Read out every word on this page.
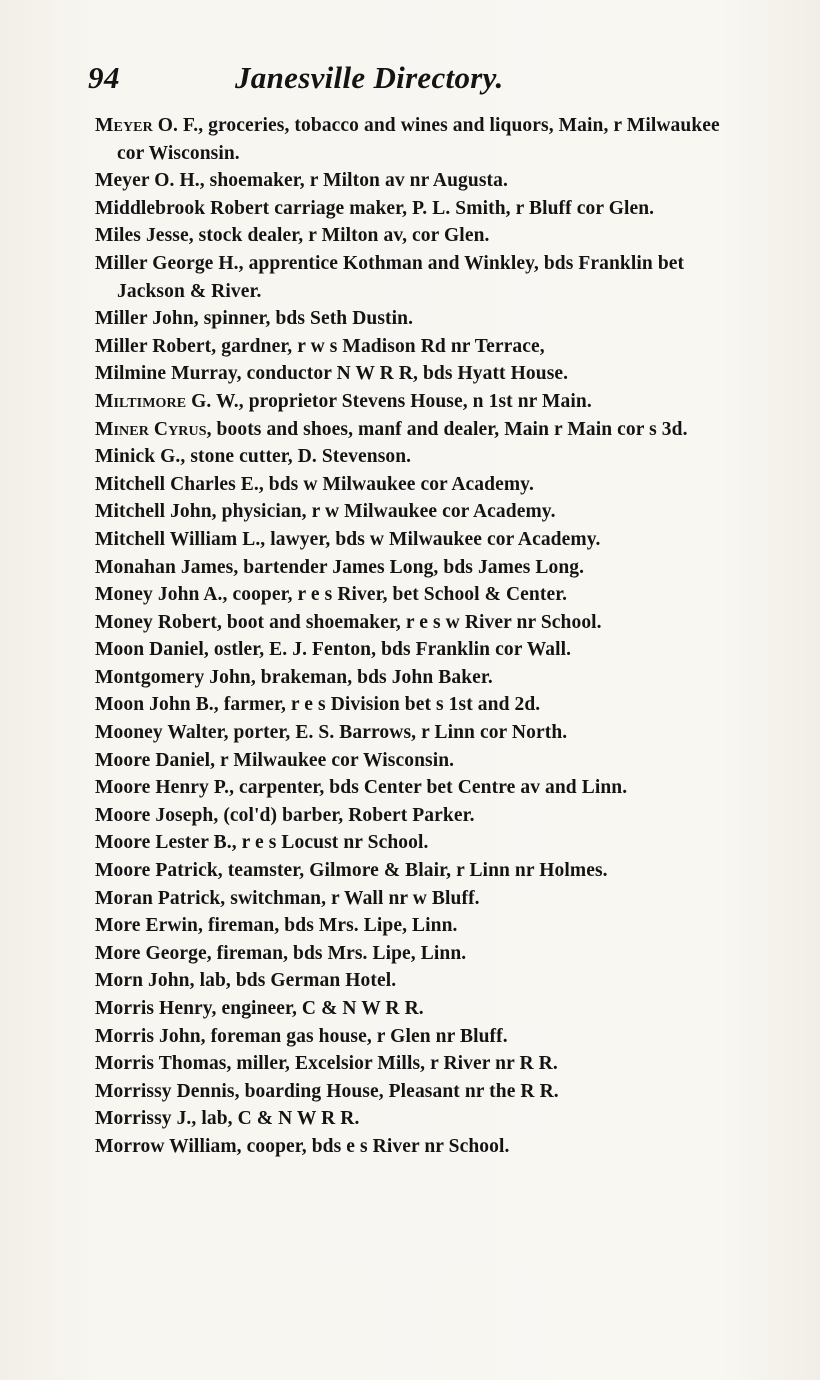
94	Janesville Directory.
Meyer O. F., groceries, tobacco and wines and liquors, Main, r Milwaukee cor Wisconsin.
Meyer O. H., shoemaker, r Milton av nr Augusta.
Middlebrook Robert carriage maker, P. L. Smith, r Bluff cor Glen.
Miles Jesse, stock dealer, r Milton av, cor Glen.
Miller George H., apprentice Kothman and Winkley, bds Franklin bet Jackson & River.
Miller John, spinner, bds Seth Dustin.
Miller Robert, gardner, r w s Madison Rd nr Terrace,
Milmine Murray, conductor N W R R, bds Hyatt House.
Miltimore G. W., proprietor Stevens House, n 1st nr Main.
Miner Cyrus, boots and shoes, manf and dealer, Main r Main cor s 3d.
Minick G., stone cutter, D. Stevenson.
Mitchell Charles E., bds w Milwaukee cor Academy.
Mitchell John, physician, r w Milwaukee cor Academy.
Mitchell William L., lawyer, bds w Milwaukee cor Academy.
Monahan James, bartender James Long, bds James Long.
Money John A., cooper, r e s River, bet School & Center.
Money Robert, boot and shoemaker, r e s w River nr School.
Moon Daniel, ostler, E. J. Fenton, bds Franklin cor Wall.
Montgomery John, brakeman, bds John Baker.
Moon John B., farmer, r e s Division bet s 1st and 2d.
Mooney Walter, porter, E. S. Barrows, r Linn cor North.
Moore Daniel, r Milwaukee cor Wisconsin.
Moore Henry P., carpenter, bds Center bet Centre av and Linn.
Moore Joseph, (col'd) barber, Robert Parker.
Moore Lester B., r e s Locust nr School.
Moore Patrick, teamster, Gilmore & Blair, r Linn nr Holmes.
Moran Patrick, switchman, r Wall nr w Bluff.
More Erwin, fireman, bds Mrs. Lipe, Linn.
More George, fireman, bds Mrs. Lipe, Linn.
Morn John, lab, bds German Hotel.
Morris Henry, engineer, C & N W R R.
Morris John, foreman gas house, r Glen nr Bluff.
Morris Thomas, miller, Excelsior Mills, r River nr R R.
Morrissy Dennis, boarding House, Pleasant nr the R R.
Morrissy J., lab, C & N W R R.
Morrow William, cooper, bds e s River nr School.
